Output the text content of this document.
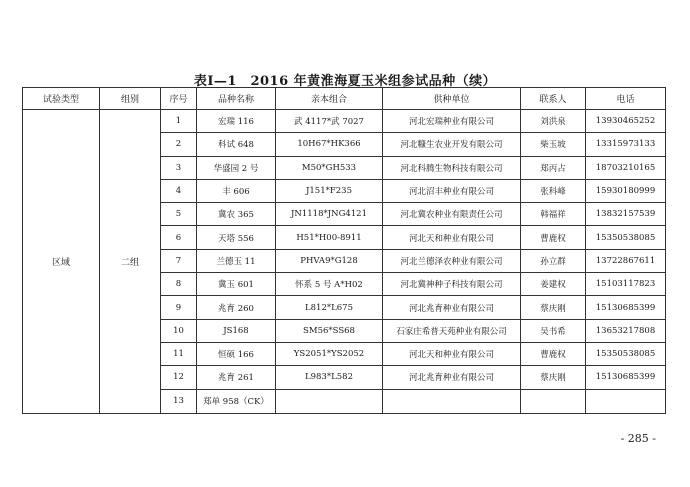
表Ⅰ—1　2016 年黄淮海夏玉米组参试品种（续）
试验类型	组别	序号	品种名称	亲本组合	供种单位	联系人	电话
区域	二组	1	宏瑞 116	武 4117*武 7027	河北宏瑞种业有限公司	刘洪泉	13930465252
		2	科试 648	10H67*HK366	河北糠生农业开发有限公司	柴玉坡	13315973133
		3	华盛园 2 号	M50*GH533	河北科腾生物科技有限公司	郑丙占	18703210165
		4	丰 606	J151*F235	河北沼丰种业有限公司	张科峰	15930180999
		5	冀农 365	JN1118*JNG4121	河北冀农种业有限责任公司	韩福祥	13832157539
		6	天塔 556	H51*H00-8911	河北天和种业有限公司	曹鹿权	15350538085
		7	兰德玉 11	PHVA9*G128	河北兰德泽农种业有限公司	孙立群	13722867611
		8	冀玉 601	怀系 5 号 A*H02	河北冀神种子科技有限公司	姜建权	15103117823
		9	兆育 260	L812*L675	河北兆育种业有限公司	蔡庆刚	15130685399
		10	JS168	SM56*SS68	石家庄希普天苑种业有限公司	吴书希	13653217808
		11	恒硕 166	YS2051*YS2052	河北天和种业有限公司	曹鹿权	15350538085
		12	兆育 261	L983*L582	河北兆育种业有限公司	蔡庆刚	15130685399
		13	郑单 958（CK）				
- 285 -
